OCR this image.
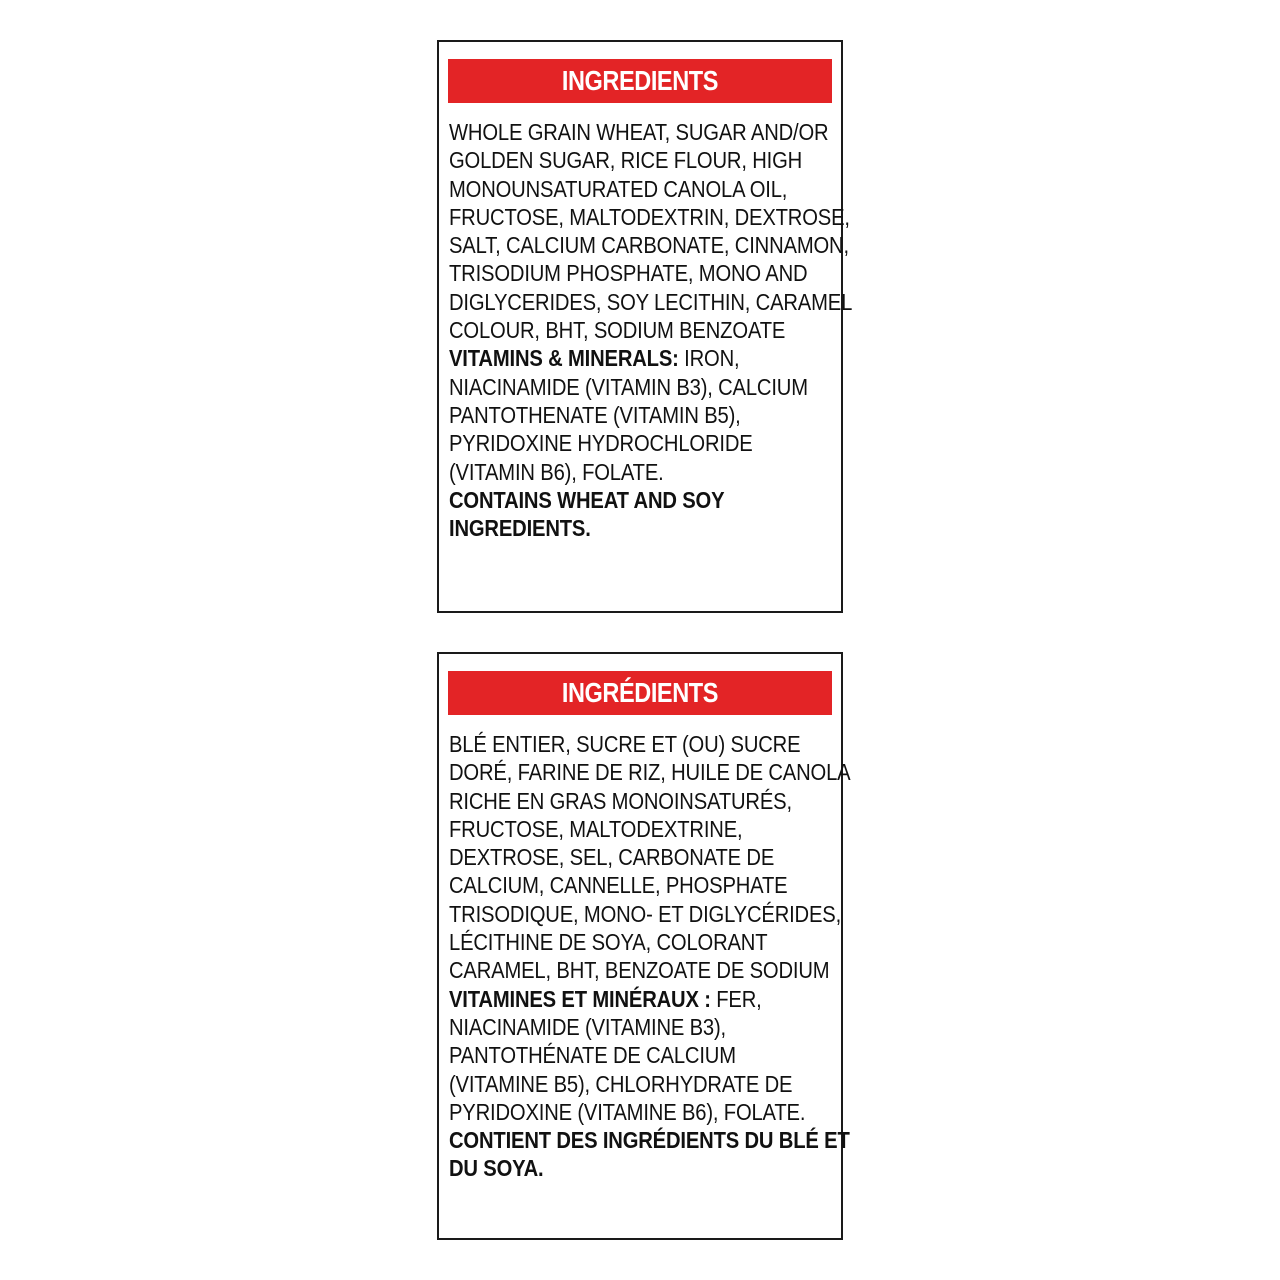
INGREDIENTS
WHOLE GRAIN WHEAT, SUGAR AND/OR
GOLDEN SUGAR, RICE FLOUR, HIGH
MONOUNSATURATED CANOLA OIL,
FRUCTOSE, MALTODEXTRIN, DEXTROSE,
SALT, CALCIUM CARBONATE, CINNAMON,
TRISODIUM PHOSPHATE, MONO AND
DIGLYCERIDES, SOY LECITHIN, CARAMEL
COLOUR, BHT, SODIUM BENZOATE
VITAMINS & MINERALS: IRON,
NIACINAMIDE (VITAMIN B3), CALCIUM
PANTOTHENATE (VITAMIN B5),
PYRIDOXINE HYDROCHLORIDE
(VITAMIN B6), FOLATE.
CONTAINS WHEAT AND SOY
INGREDIENTS.
INGRÉDIENTS
BLÉ ENTIER, SUCRE ET (OU) SUCRE
DORÉ, FARINE DE RIZ, HUILE DE CANOLA
RICHE EN GRAS MONOINSATURÉS,
FRUCTOSE, MALTODEXTRINE,
DEXTROSE, SEL, CARBONATE DE
CALCIUM, CANNELLE, PHOSPHATE
TRISODIQUE, MONO- ET DIGLYCÉRIDES,
LÉCITHINE DE SOYA, COLORANT
CARAMEL, BHT, BENZOATE DE SODIUM
VITAMINES ET MINÉRAUX : FER,
NIACINAMIDE (VITAMINE B3),
PANTOTHÉNATE DE CALCIUM
(VITAMINE B5), CHLORHYDRATE DE
PYRIDOXINE (VITAMINE B6), FOLATE.
CONTIENT DES INGRÉDIENTS DU BLÉ ET
DU SOYA.
